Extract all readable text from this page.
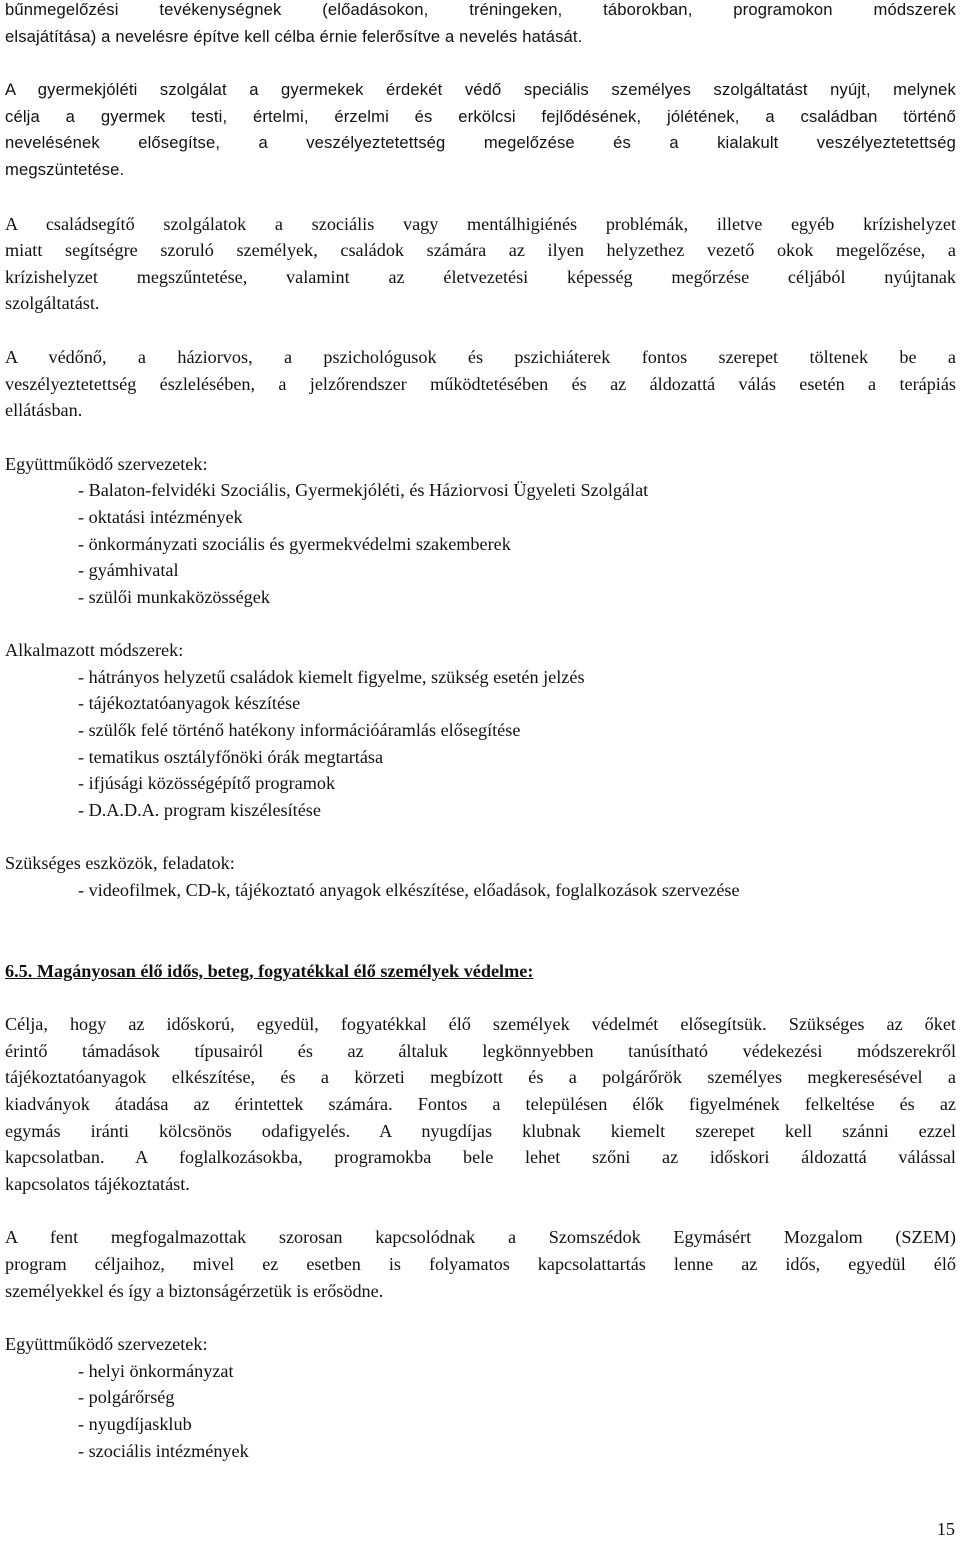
bűnmegelőzési tevékenységnek (előadásokon, tréningeken, táborokban, programokon módszerek

elsajátítása) a nevelésre építve kell célba érnie felerősítve a nevelés hatását.

A gyermekjóléti szolgálat a gyermekek érdekét védő speciális személyes szolgáltatást nyújt, melynek

célja a gyermek testi, értelmi, érzelmi és erkölcsi fejlődésének, jólétének, a családban történő

nevelésének elősegítse, a veszélyeztetettség megelőzése és a kialakult veszélyeztetettség

megszüntetése.

A családsegítő szolgálatok a szociális vagy mentálhigiénés problémák, illetve egyéb krízishelyzet

miatt segítségre szoruló személyek, családok számára az ilyen helyzethez vezető okok megelőzése, a

krízishelyzet megszűntetése, valamint az életvezetési képesség megőrzése céljából nyújtanak

szolgáltatást.

A védőnő, a háziorvos, a pszichológusok és pszichiáterek fontos szerepet töltenek be a

veszélyeztetettség észlelésében, a jelzőrendszer működtetésében és az áldozattá válás esetén a terápiás

ellátásban.

Együttműködő szervezetek:
- Balaton-felvidéki Szociális, Gyermekjóléti, és Háziorvosi Ügyeleti Szolgálat
- oktatási intézmények
- önkormányzati szociális és gyermekvédelmi szakemberek
- gyámhivatal
- szülői munkaközösségek
Alkalmazott módszerek:
- hátrányos helyzetű családok kiemelt figyelme, szükség esetén jelzés
- tájékoztatóanyagok készítése
- szülők felé történő hatékony információáramlás elősegítése
- tematikus osztályfőnöki órák megtartása
- ifjúsági közösségépítő programok
- D.A.D.A. program kiszélesítése
Szükséges eszközök, feladatok:
- videofilmek, CD-k, tájékoztató anyagok elkészítése, előadások, foglalkozások szervezése
6.5. Magányosan élő idős, beteg, fogyatékkal élő személyek védelme:

Célja, hogy az időskorú, egyedül, fogyatékkal élő személyek védelmét elősegítsük. Szükséges az őket

érintő támadások típusairól és az általuk legkönnyebben tanúsítható védekezési módszerekről

tájékoztatóanyagok elkészítése, és a körzeti megbízott és a polgárőrök személyes megkeresésével a

kiadványok átadása az érintettek számára. Fontos a településen élők figyelmének felkeltése és az

egymás iránti kölcsönös odafigyelés. A nyugdíjas klubnak kiemelt szerepet kell szánni ezzel

kapcsolatban. A foglalkozásokba, programokba bele lehet szőni az időskori áldozattá válással

kapcsolatos tájékoztatást.

A fent megfogalmazottak szorosan kapcsolódnak a Szomszédok Egymásért Mozgalom (SZEM)

program céljaihoz, mivel ez esetben is folyamatos kapcsolattartás lenne az idős, egyedül élő

személyekkel és így a biztonságérzetük is erősödne.

Együttműködő szervezetek:
- helyi önkormányzat
- polgárőrség
- nyugdíjasklub
- szociális intézmények
15
